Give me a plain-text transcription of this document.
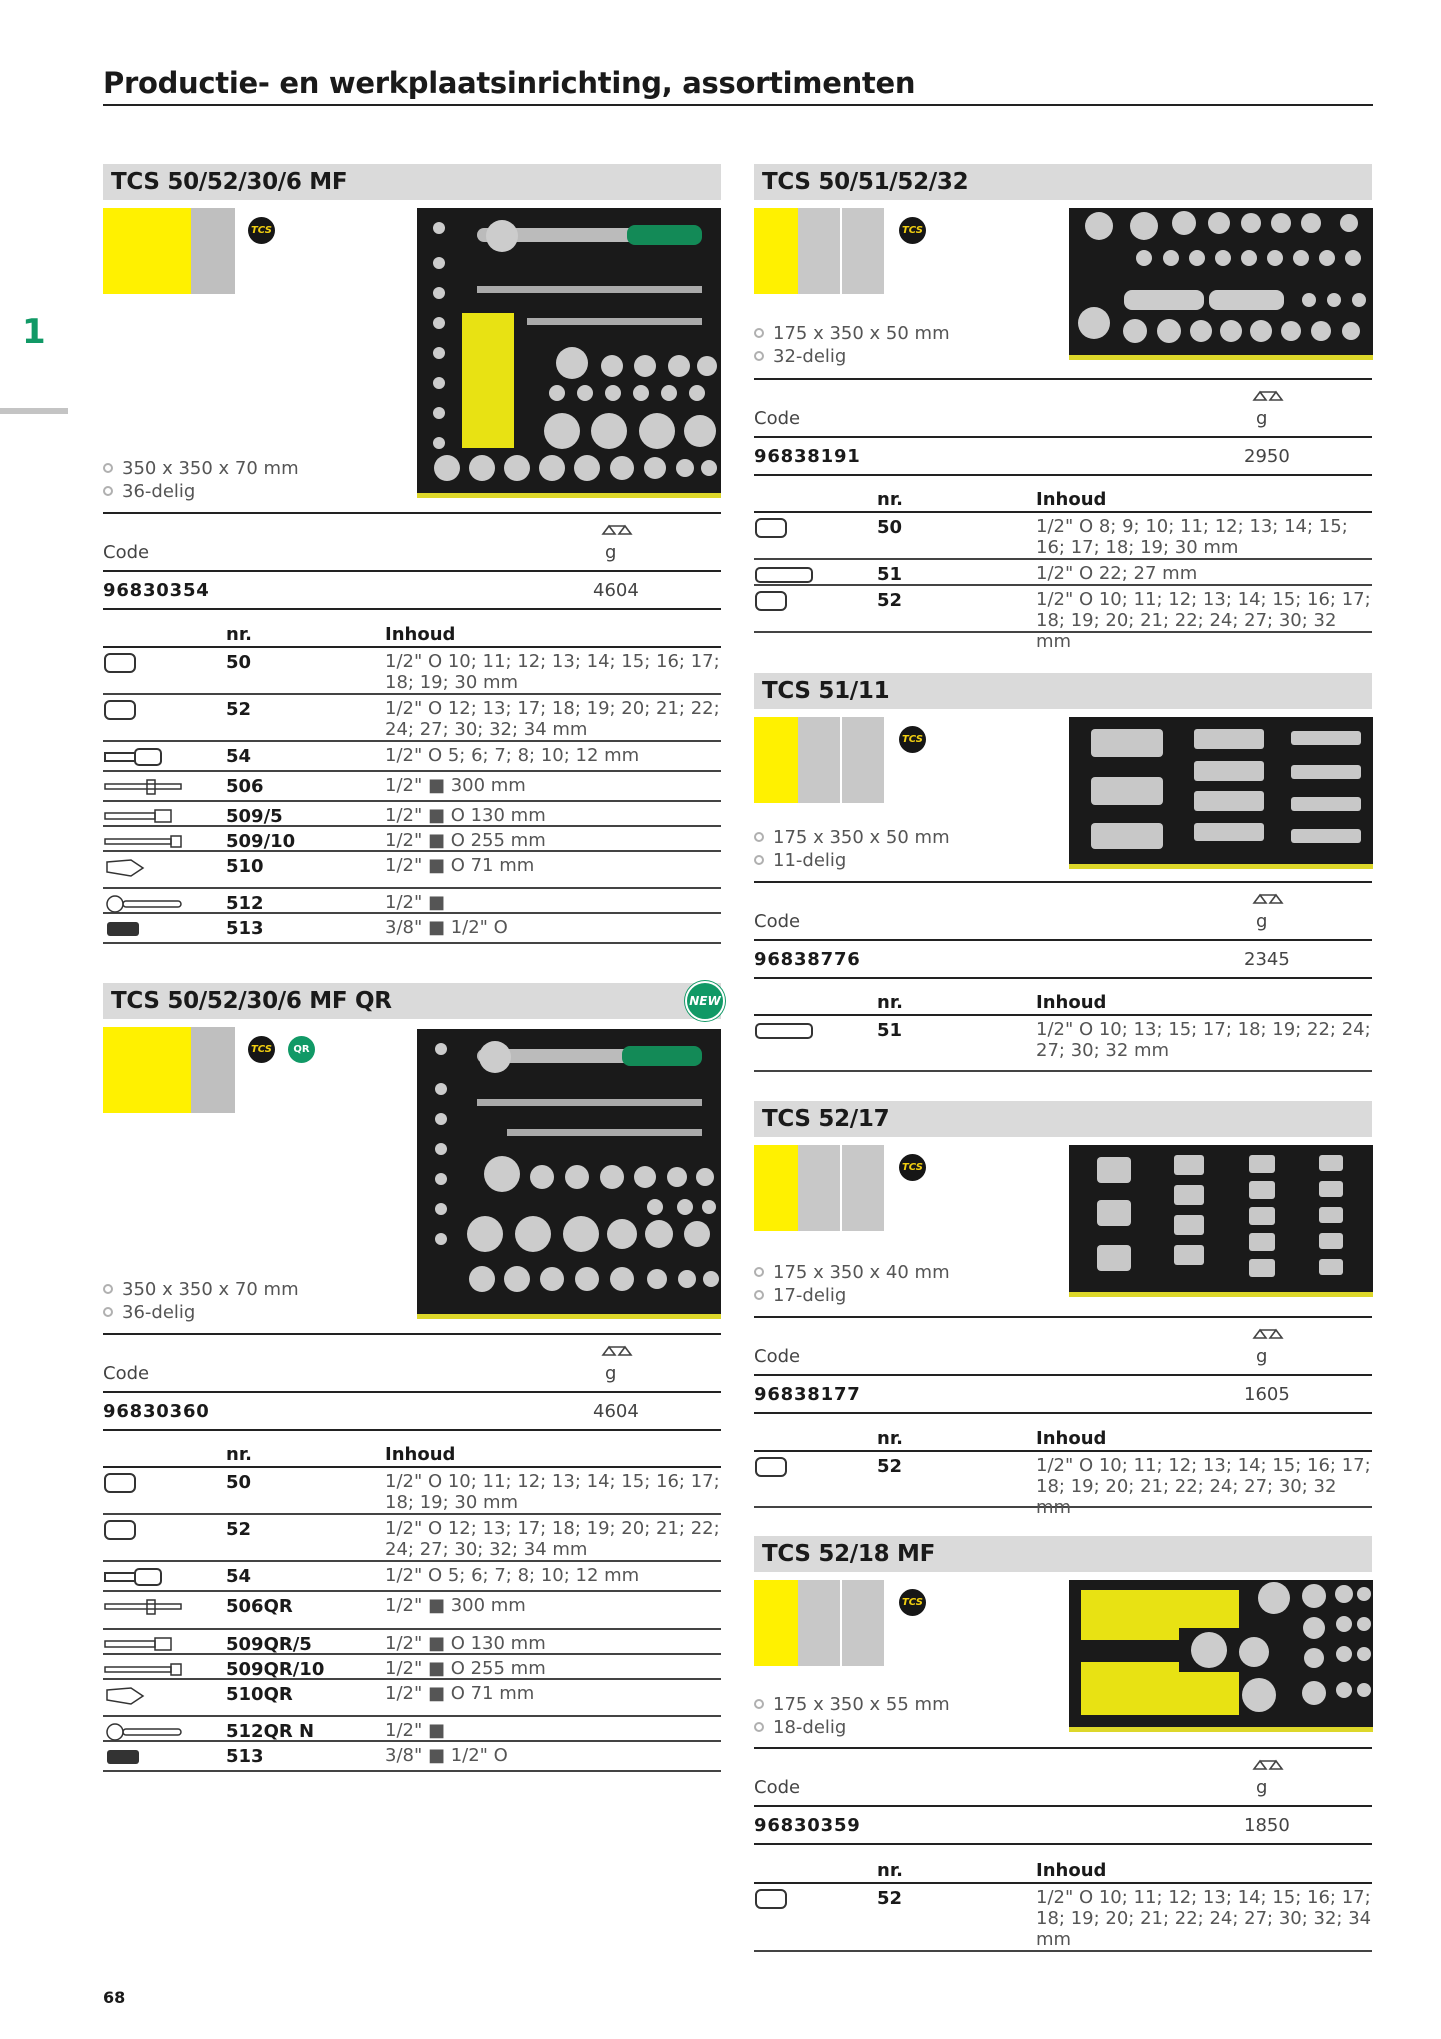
Productie- en werkplaatsinrichting, assortimenten
1
68
TCS 50/52/30/6 MF
TCS
350 x 350 x 70 mm
36-delig
Code	g
96830354	4604
nr.	Inhoud
50	1/2" O 10; 11; 12; 13; 14; 15; 16; 17; 18; 19; 30 mm
52	1/2" O 12; 13; 17; 18; 19; 20; 21; 22; 24; 27; 30; 32; 34 mm
54	1/2" O 5; 6; 7; 8; 10; 12 mm
506	1/2" ■ 300 mm
509/5	1/2" ■ O 130 mm
509/10	1/2" ■ O 255 mm
510	1/2" ■ O 71 mm
512	1/2" ■
513	3/8" ■ 1/2" O
TCS 50/52/30/6 MF QR	NEW
TCS	QR
350 x 350 x 70 mm
36-delig
Code	g
96830360	4604
nr.	Inhoud
50	1/2" O 10; 11; 12; 13; 14; 15; 16; 17; 18; 19; 30 mm
52	1/2" O 12; 13; 17; 18; 19; 20; 21; 22; 24; 27; 30; 32; 34 mm
54	1/2" O 5; 6; 7; 8; 10; 12 mm
506QR	1/2" ■ 300 mm
509QR/5	1/2" ■ O 130 mm
509QR/10	1/2" ■ O 255 mm
510QR	1/2" ■ O 71 mm
512QR N	1/2" ■
513	3/8" ■ 1/2" O
TCS 50/51/52/32
TCS
175 x 350 x 50 mm
32-delig
Code	g
96838191	2950
nr.	Inhoud
50	1/2" O 8; 9; 10; 11; 12; 13; 14; 15; 16; 17; 18; 19; 30 mm
51	1/2" O 22; 27 mm
52	1/2" O 10; 11; 12; 13; 14; 15; 16; 17; 18; 19; 20; 21; 22; 24; 27; 30; 32 mm
TCS 51/11
TCS
175 x 350 x 50 mm
11-delig
Code	g
96838776	2345
nr.	Inhoud
51	1/2" O 10; 13; 15; 17; 18; 19; 22; 24; 27; 30; 32 mm
TCS 52/17
TCS
175 x 350 x 40 mm
17-delig
Code	g
96838177	1605
nr.	Inhoud
52	1/2" O 10; 11; 12; 13; 14; 15; 16; 17; 18; 19; 20; 21; 22; 24; 27; 30; 32 mm
TCS 52/18 MF
TCS
175 x 350 x 55 mm
18-delig
Code	g
96830359	1850
nr.	Inhoud
52	1/2" O 10; 11; 12; 13; 14; 15; 16; 17; 18; 19; 20; 21; 22; 24; 27; 30; 32; 34 mm
